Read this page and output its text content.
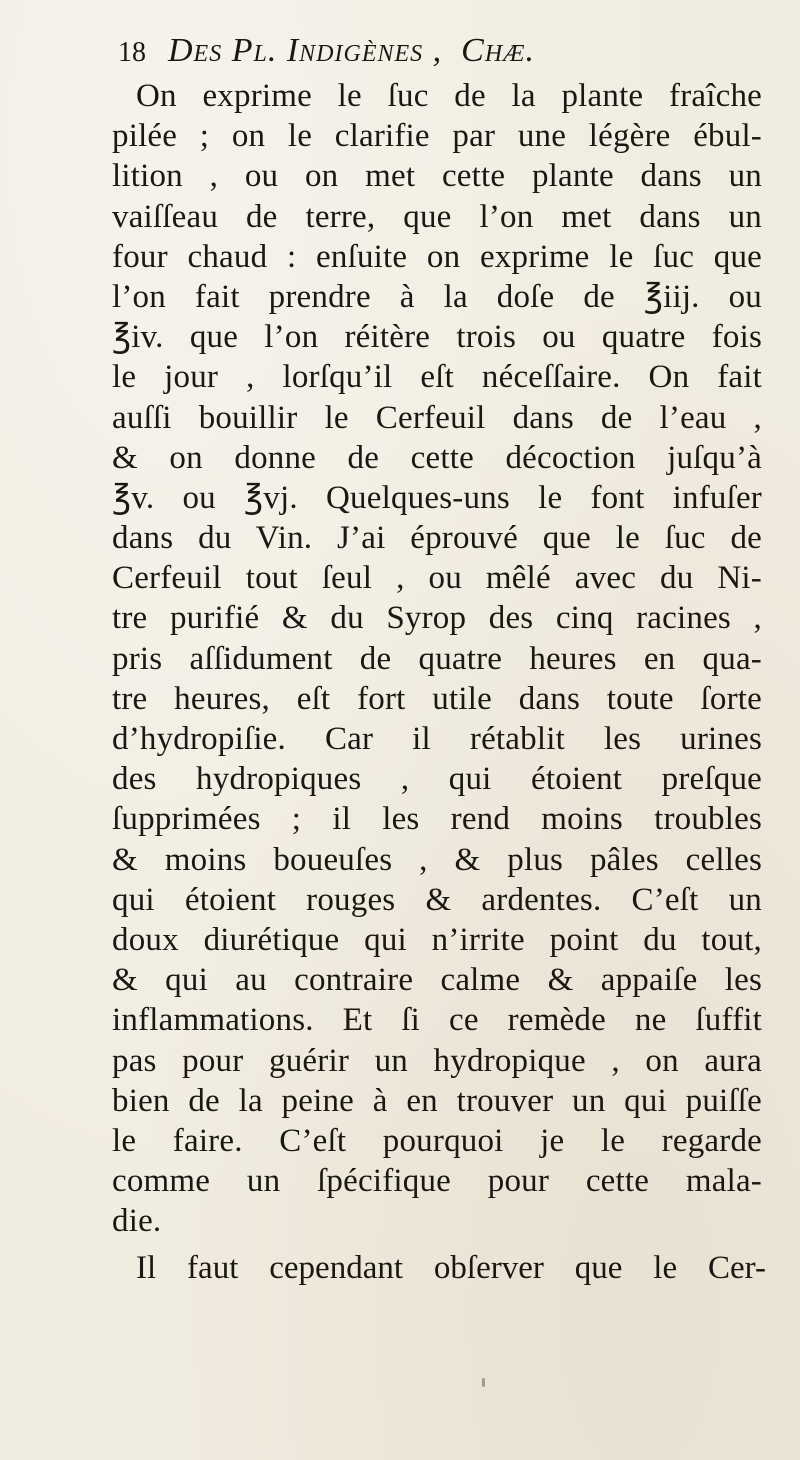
18 Des Pl. Indigènes ,  Chæ.
On exprime le ſuc de la plante fraîche
pilée ; on le clarifie par une légère ébul-
lition , ou on met cette plante dans un
vaiſſeau de terre, que l’on met dans un
four chaud : enſuite on exprime le ſuc que
l’on fait prendre à la doſe de ℥iij. ou
℥iv. que l’on réitère trois ou quatre fois
le jour , lorſqu’il eſt néceſſaire. On fait
auſſi bouillir le Cerfeuil dans de l’eau ,
& on donne de cette décoction juſqu’à
℥v. ou ℥vj. Quelques-uns le font infuſer
dans du Vin. J’ai éprouvé que le ſuc de
Cerfeuil tout ſeul , ou mêlé avec du Ni-
tre purifié & du Syrop des cinq racines ,
pris aſſidument de quatre heures en qua-
tre heures, eſt fort utile dans toute ſorte
d’hydropiſie. Car il rétablit les urines
des hydropiques , qui étoient preſque
ſupprimées ; il les rend moins troubles
& moins boueuſes , & plus pâles celles
qui étoient rouges & ardentes. C’eſt un
doux diurétique qui n’irrite point du tout,
& qui au contraire calme & appaiſe les
inflammations. Et ſi ce remède ne ſuffit
pas pour guérir un hydropique , on aura
bien de la peine à en trouver un qui puiſſe
le faire. C’eſt pourquoi je le regarde
comme un ſpécifique pour cette mala-
die.
Il faut cependant obſerver que le Cer-
